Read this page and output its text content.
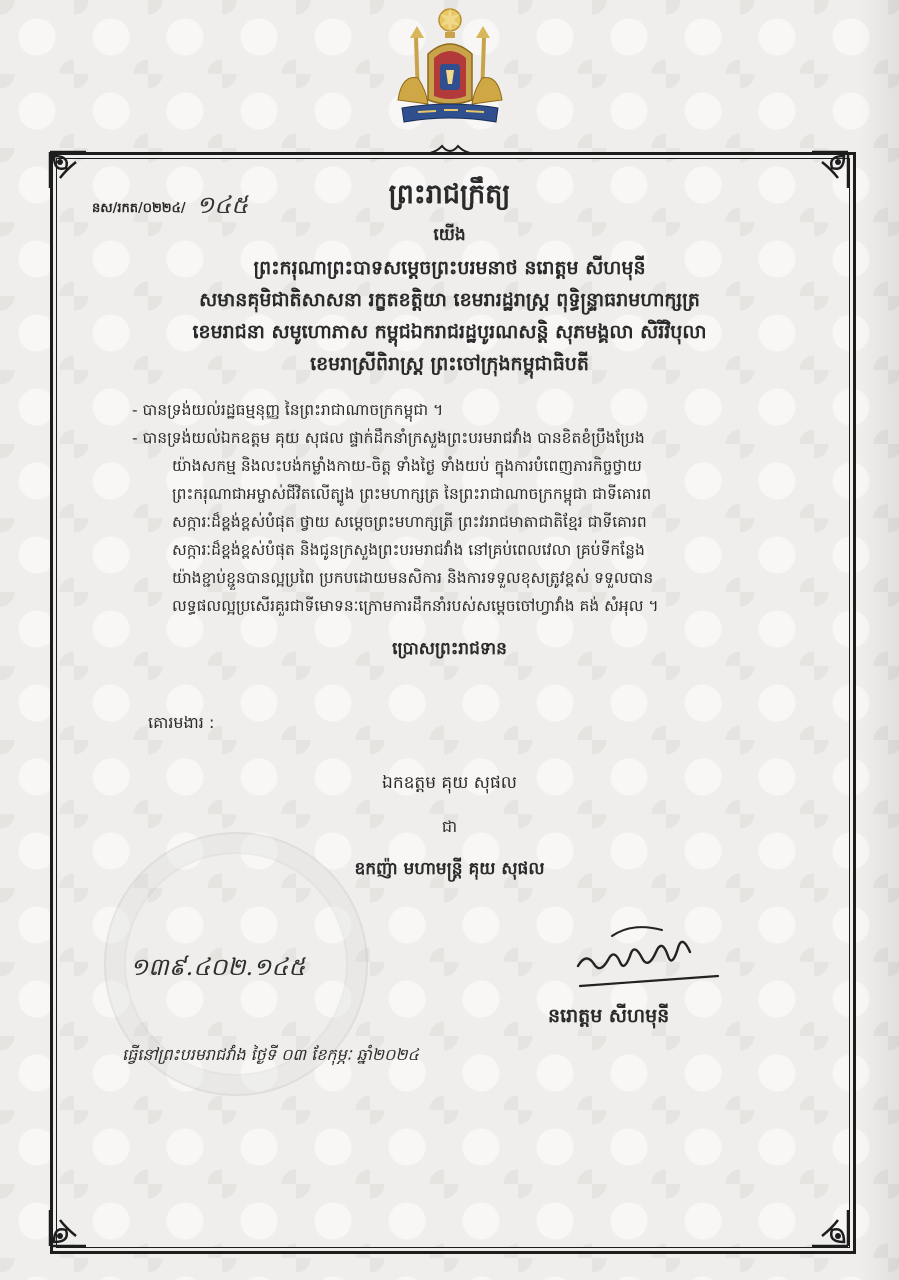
នស/រកត/០២២៤/ ១៤៥	ព្រះរាជក្រឹត្យ
យើង
ព្រះករុណាព្រះបាទសម្តេចព្រះបរមនាថ នរោត្តម សីហមុនី
សមានគុមិជាតិសាសនា រក្ខតខត្តិយា ខេមរារដ្ឋរាស្ត្រ ពុទ្ធិន្ទ្រាធរាមហាក្សត្រ
ខេមរាជនា សមូហោភាស កម្ពុជឯករាជរដ្ឋបូរណសន្តិ សុភមង្គលា សិរីវិបុលា
ខេមរាស្រីពិរាស្ត្រ ព្រះចៅក្រុងកម្ពុជាធិបតី
- បានទ្រង់យល់រដ្ឋធម្មនុញ្ញ នៃព្រះរាជាណាចក្រកម្ពុជា ។
- បានទ្រង់យល់ឯកឧត្តម គុយ សុផល ផ្ទាក់ដឹកនាំក្រសួងព្រះបរមរាជវាំង បានខិតខំប្រឹងប្រែង
យ៉ាងសកម្ម និងលះបង់កម្លាំងកាយ-ចិត្ត ទាំងថ្ងៃ ទាំងយប់ ក្នុងការបំពេញភារកិច្ចថ្វាយ
ព្រះករុណាជាអម្ចាស់ជីវិតលើត្បូង ព្រះមហាក្សត្រ នៃព្រះរាជាណាចក្រកម្ពុជា ជាទីគោរព
សក្ការៈដ៏ខ្ពង់ខ្ពស់បំផុត ថ្វាយ សម្តេចព្រះមហាក្សត្រី ព្រះវររាជមាតាជាតិខ្មែរ ជាទីគោរព
សក្ការៈដ៏ខ្ពង់ខ្ពស់បំផុត និងជូនក្រសួងព្រះបរមរាជវាំង នៅគ្រប់ពេលវេលា គ្រប់ទីកន្លែង
យ៉ាងខ្ជាប់ខ្ជួនបានល្អប្រពៃ ប្រកបដោយមនសិការ និងការទទួលខុសត្រូវខ្ពស់ ទទួលបាន
លទ្ធផលល្អប្រសើរគួរជាទីមោទនៈក្រោមការដឹកនាំរបស់សម្តេចចៅហ្វាវាំង គង់ សំអុល ។
ប្រោសព្រះរាជទាន
គោរមងារ :
ឯកឧត្តម គុយ សុផល
ជា
ឧកញ៉ា មហាមន្ត្រី គុយ សុផល
១៣៩.៤០២.១៤៥
នរោត្តម សីហមុនី
ធ្វើនៅព្រះបរមរាជវាំង ថ្ងៃទី ០៣ ខែកុម្ភៈ ឆ្នាំ២០២៤
